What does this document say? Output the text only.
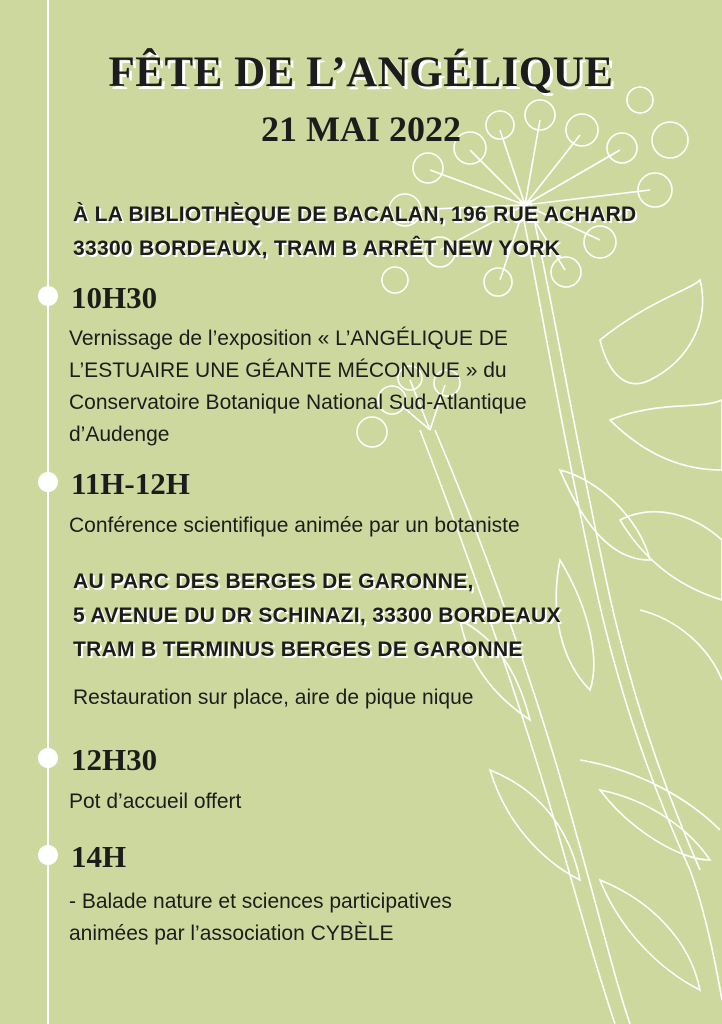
FÊTE DE L’ANGÉLIQUE
21 MAI 2022
À LA BIBLIOTHÈQUE DE BACALAN, 196 RUE ACHARD
33300 BORDEAUX, TRAM B ARRÊT NEW YORK
10H30
Vernissage de l’exposition « L’ANGÉLIQUE DE
L’ESTUAIRE UNE GÉANTE MÉCONNUE » du
Conservatoire Botanique National Sud-Atlantique
d’Audenge
11H-12H
Conférence scientifique animée par un botaniste
AU PARC DES BERGES DE GARONNE,
5 AVENUE DU DR SCHINAZI, 33300 BORDEAUX
TRAM B TERMINUS BERGES DE GARONNE
Restauration sur place, aire de pique nique
12H30
Pot d’accueil offert
14H
- Balade nature et sciences participatives
animées par l’association CYBÈLE
